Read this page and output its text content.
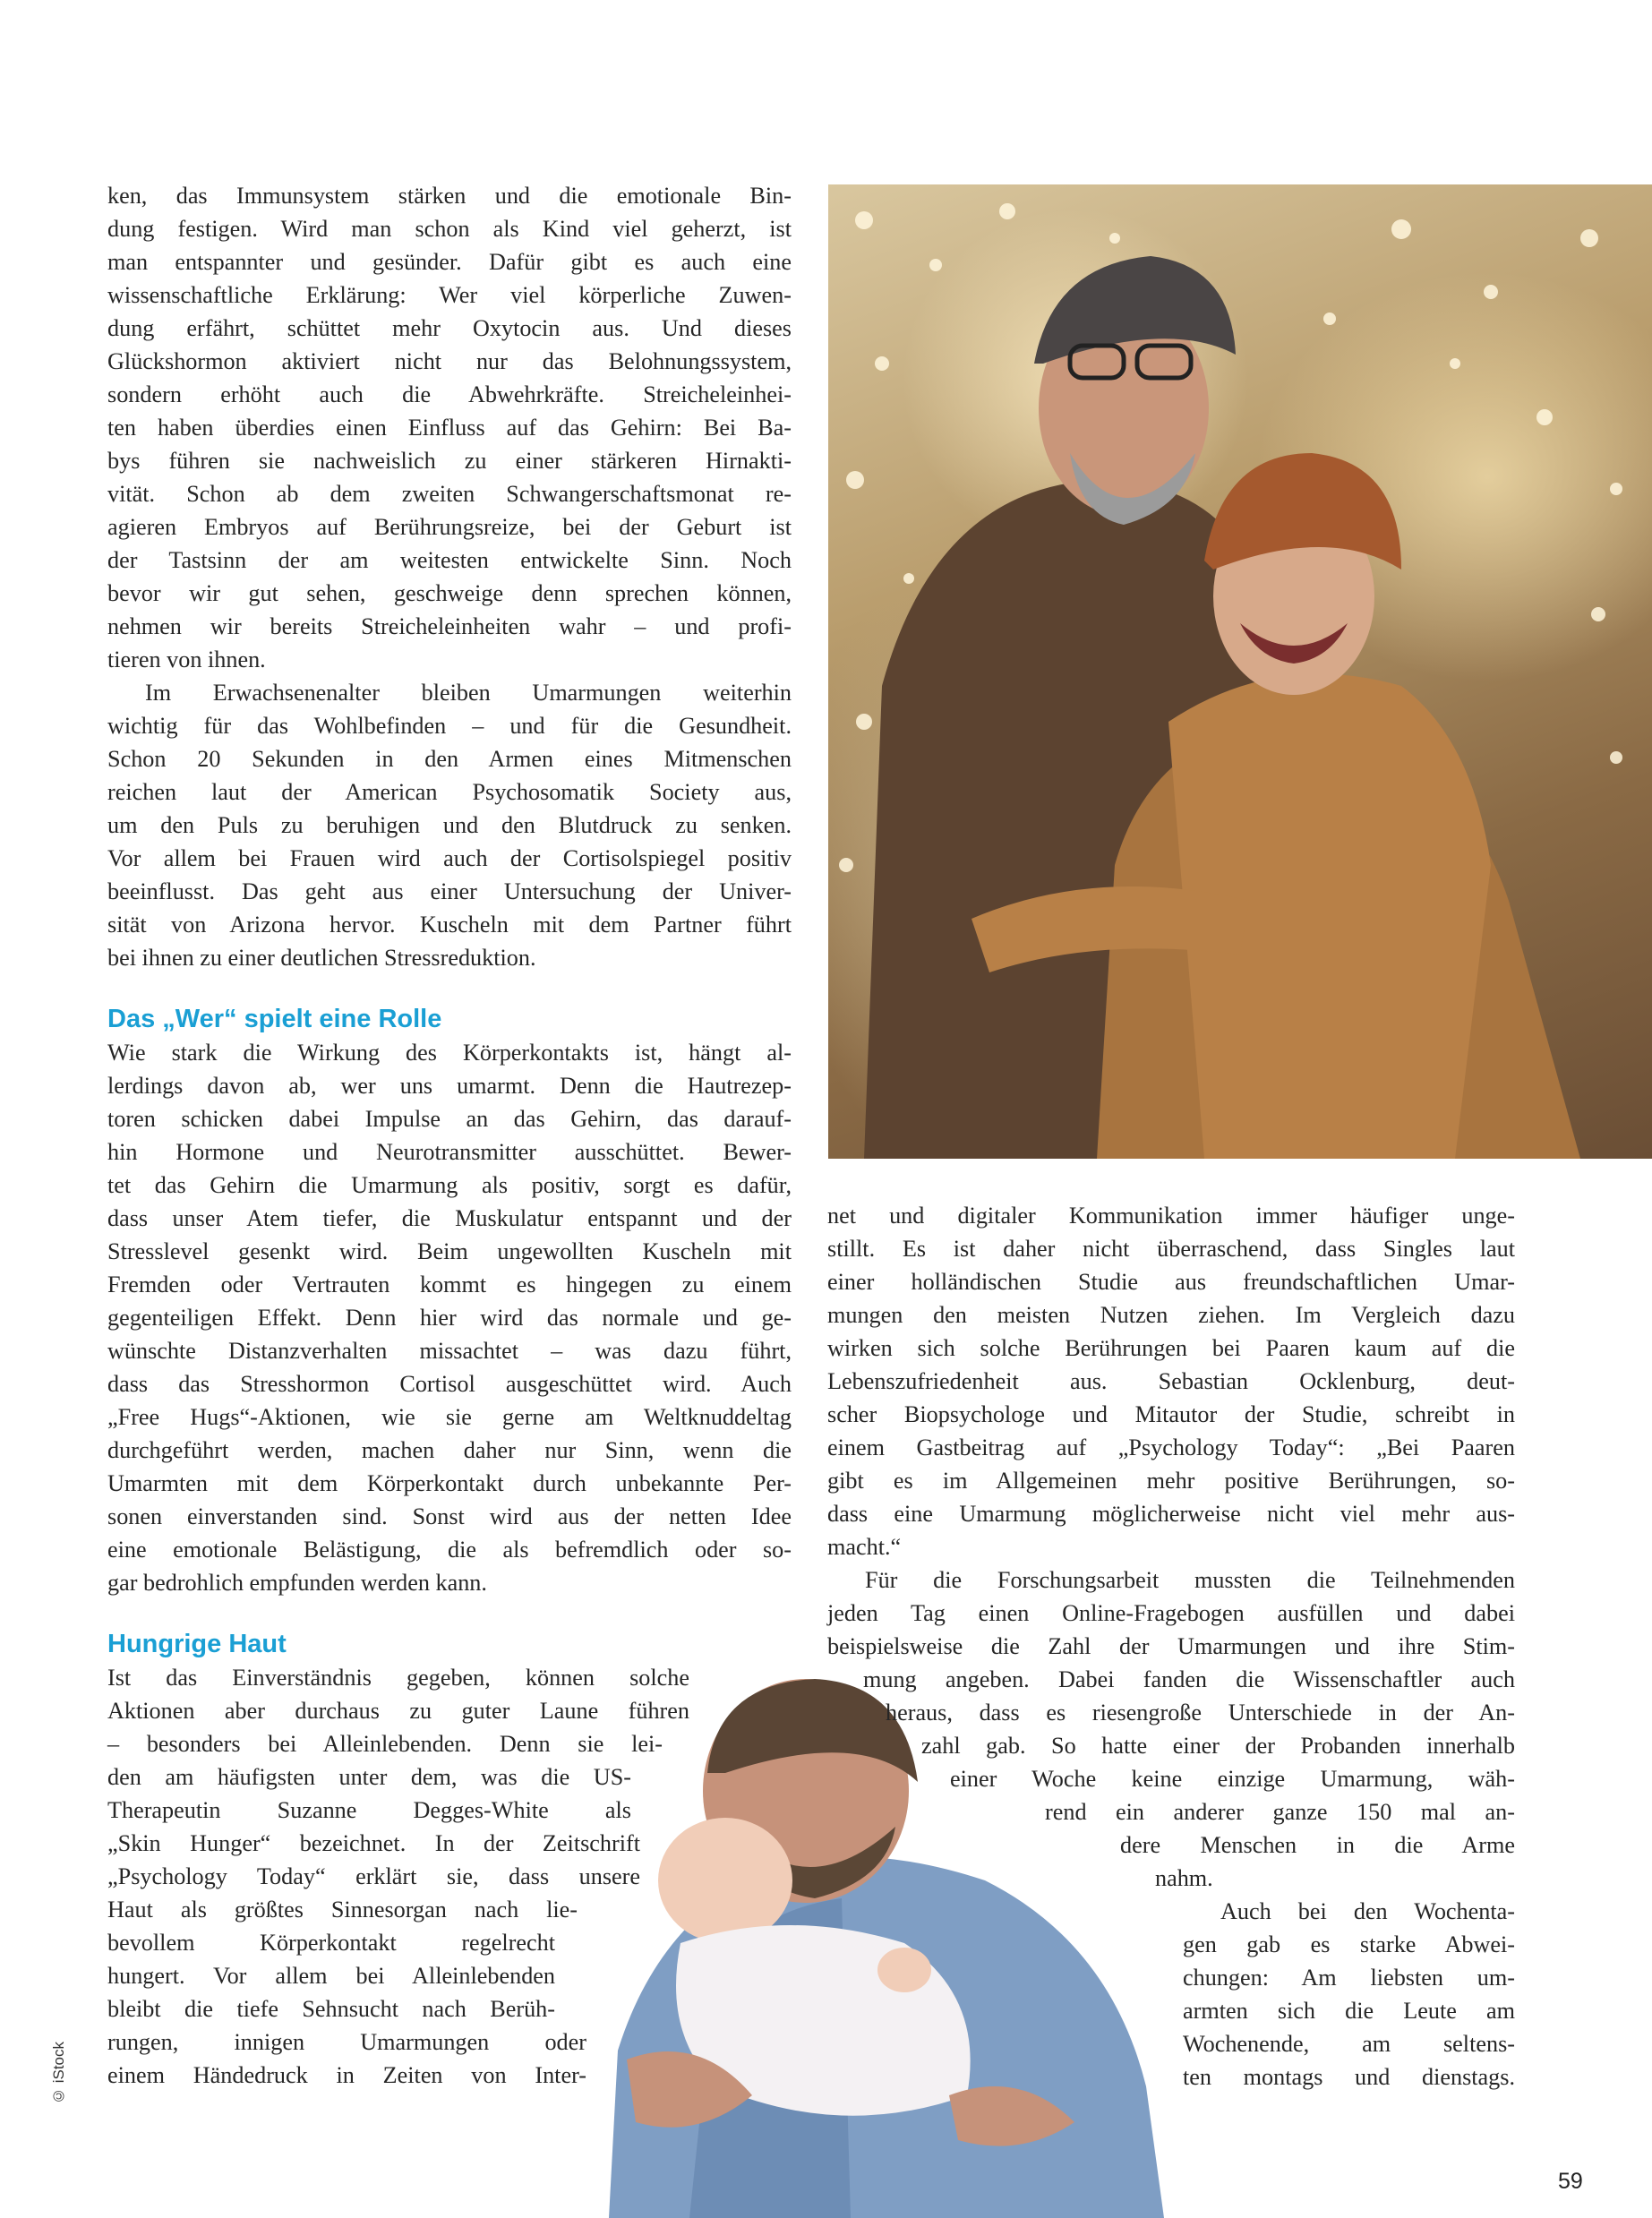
ken, das Immunsystem stärken und die emotionale Bin-
dung festigen. Wird man schon als Kind viel geherzt, ist
man entspannter und gesünder. Dafür gibt es auch eine
wissenschaftliche Erklärung: Wer viel körperliche Zuwen-
dung erfährt, schüttet mehr Oxytocin aus. Und dieses
Glückshormon aktiviert nicht nur das Belohnungssystem,
sondern erhöht auch die Abwehrkräfte. Streicheleinhei-
ten haben überdies einen Einfluss auf das Gehirn: Bei Ba-
bys führen sie nachweislich zu einer stärkeren Hirnakti-
vität. Schon ab dem zweiten Schwangerschaftsmonat re-
agieren Embryos auf Berührungsreize, bei der Geburt ist
der Tastsinn der am weitesten entwickelte Sinn. Noch
bevor wir gut sehen, geschweige denn sprechen können,
nehmen wir bereits Streicheleinheiten wahr – und profi-
tieren von ihnen.

Im Erwachsenenalter bleiben Umarmungen weiterhin
wichtig für das Wohlbefinden – und für die Gesundheit.
Schon 20 Sekunden in den Armen eines Mitmenschen
reichen laut der American Psychosomatik Society aus,
um den Puls zu beruhigen und den Blutdruck zu senken.
Vor allem bei Frauen wird auch der Cortisolspiegel positiv
beeinflusst. Das geht aus einer Untersuchung der Univer-
sität von Arizona hervor. Kuscheln mit dem Partner führt
bei ihnen zu einer deutlichen Stressreduktion.

Das „Wer“ spielt eine Rolle

Wie stark die Wirkung des Körperkontakts ist, hängt al-
lerdings davon ab, wer uns umarmt. Denn die Hautrezep-
toren schicken dabei Impulse an das Gehirn, das darauf-
hin Hormone und Neurotransmitter ausschüttet. Bewer-
tet das Gehirn die Umarmung als positiv, sorgt es dafür,
dass unser Atem tiefer, die Muskulatur entspannt und der
Stresslevel gesenkt wird. Beim ungewollten Kuscheln mit
Fremden oder Vertrauten kommt es hingegen zu einem
gegenteiligen Effekt. Denn hier wird das normale und ge-
wünschte Distanzverhalten missachtet – was dazu führt,
dass das Stresshormon Cortisol ausgeschüttet wird. Auch
„Free Hugs“-Aktionen, wie sie gerne am Weltknuddeltag
durchgeführt werden, machen daher nur Sinn, wenn die
Umarmten mit dem Körperkontakt durch unbekannte Per-
sonen einverstanden sind. Sonst wird aus der netten Idee
eine emotionale Belästigung, die als befremdlich oder so-
gar bedrohlich empfunden werden kann.

Hungrige Haut

Ist das Einverständnis gegeben, können solche
Aktionen aber durchaus zu guter Laune führen
– besonders bei Alleinlebenden. Denn sie lei-
den am häufigsten unter dem, was die US-
Therapeutin Suzanne Degges-White als
„Skin Hunger“ bezeichnet. In der Zeitschrift
„Psychology Today“ erklärt sie, dass unsere
Haut als größtes Sinnesorgan nach lie-
bevollem Körperkontakt regelrecht
hungert. Vor allem bei Alleinlebenden
bleibt die tiefe Sehnsucht nach Berüh-
rungen, innigen Umarmungen oder
einem Händedruck in Zeiten von Inter-

net und digitaler Kommunikation immer häufiger unge-
stillt. Es ist daher nicht überraschend, dass Singles laut
einer holländischen Studie aus freundschaftlichen Umar-
mungen den meisten Nutzen ziehen. Im Vergleich dazu
wirken sich solche Berührungen bei Paaren kaum auf die
Lebenszufriedenheit aus. Sebastian Ocklenburg, deut-
scher Biopsychologe und Mitautor der Studie, schreibt in
einem Gastbeitrag auf „Psychology Today“: „Bei Paaren
gibt es im Allgemeinen mehr positive Berührungen, so-
dass eine Umarmung möglicherweise nicht viel mehr aus-
macht.“

Für die Forschungsarbeit mussten die Teilnehmenden
jeden Tag einen Online-Fragebogen ausfüllen und dabei
beispielsweise die Zahl der Umarmungen und ihre Stim-
mung angeben. Dabei fanden die Wissenschaftler auch
heraus, dass es riesengroße Unterschiede in der An-
zahl gab. So hatte einer der Probanden innerhalb
einer Woche keine einzige Umarmung, wäh-
rend ein anderer ganze 150 mal an-
dere Menschen in die Arme
nahm.

Auch bei den Wochenta-
gen gab es starke Abwei-
chungen: Am liebsten um-
armten sich die Leute am
Wochenende, am seltens-
ten montags und dienstags.

© iStock
59
